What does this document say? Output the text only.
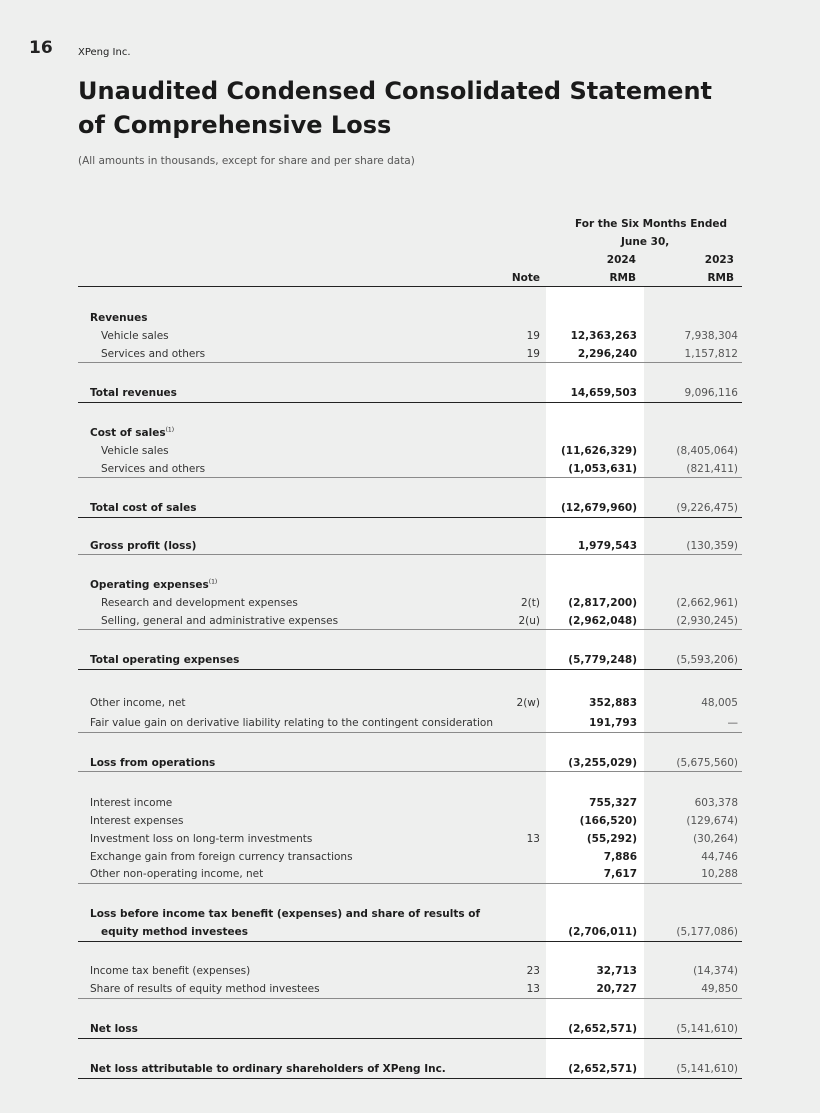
16	XPeng Inc.
Unaudited Condensed Consolidated Statement of Comprehensive Loss
(All amounts in thousands, except for share and per share data)
For the Six Months Ended
June 30,
2024	2023
Note	RMB	RMB
Revenues
Vehicle sales	19	12,363,263	7,938,304
Services and others	19	2,296,240	1,157,812
Total revenues	14,659,503	9,096,116
Cost of sales$^{(1)}$
Vehicle sales	(11,626,329)	(8,405,064)
Services and others	(1,053,631)	(821,411)
Total cost of sales	(12,679,960)	(9,226,475)
Gross profit (loss)	1,979,543	(130,359)
Operating expenses$^{(1)}$
Research and development expenses	2(t)	(2,817,200)	(2,662,961)
Selling, general and administrative expenses	2(u)	(2,962,048)	(2,930,245)
Total operating expenses	(5,779,248)	(5,593,206)
Other income, net	2(w)	352,883	48,005
Fair value gain on derivative liability relating to the contingent consideration	191,793	—
Loss from operations	(3,255,029)	(5,675,560)
Interest income	755,327	603,378
Interest expenses	(166,520)	(129,674)
Investment loss on long-term investments	13	(55,292)	(30,264)
Exchange gain from foreign currency transactions	7,886	44,746
Other non-operating income, net	7,617	10,288
Loss before income tax benefit (expenses) and share of results of
equity method investees	(2,706,011)	(5,177,086)
Income tax benefit (expenses)	23	32,713	(14,374)
Share of results of equity method investees	13	20,727	49,850
Net loss	(2,652,571)	(5,141,610)
Net loss attributable to ordinary shareholders of XPeng Inc.	(2,652,571)	(5,141,610)
